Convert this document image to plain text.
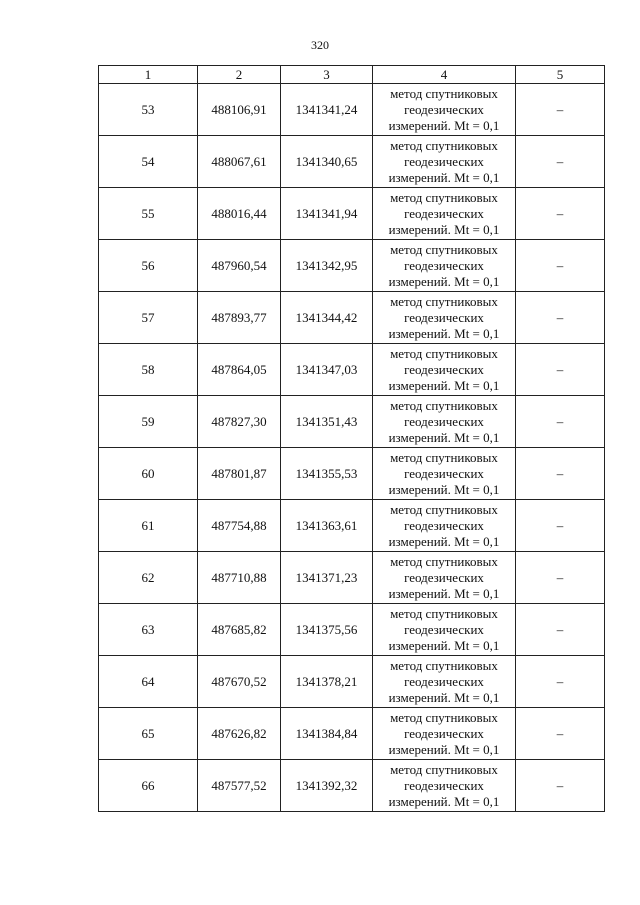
320
1	2	3	4	5
53	488106,91	1341341,24	метод спутниковых
геодезических
измерений. Mt = 0,1	–
54	488067,61	1341340,65	метод спутниковых
геодезических
измерений. Mt = 0,1	–
55	488016,44	1341341,94	метод спутниковых
геодезических
измерений. Mt = 0,1	–
56	487960,54	1341342,95	метод спутниковых
геодезических
измерений. Mt = 0,1	–
57	487893,77	1341344,42	метод спутниковых
геодезических
измерений. Mt = 0,1	–
58	487864,05	1341347,03	метод спутниковых
геодезических
измерений. Mt = 0,1	–
59	487827,30	1341351,43	метод спутниковых
геодезических
измерений. Mt = 0,1	–
60	487801,87	1341355,53	метод спутниковых
геодезических
измерений. Mt = 0,1	–
61	487754,88	1341363,61	метод спутниковых
геодезических
измерений. Mt = 0,1	–
62	487710,88	1341371,23	метод спутниковых
геодезических
измерений. Mt = 0,1	–
63	487685,82	1341375,56	метод спутниковых
геодезических
измерений. Mt = 0,1	–
64	487670,52	1341378,21	метод спутниковых
геодезических
измерений. Mt = 0,1	–
65	487626,82	1341384,84	метод спутниковых
геодезических
измерений. Mt = 0,1	–
66	487577,52	1341392,32	метод спутниковых
геодезических
измерений. Mt = 0,1	–
